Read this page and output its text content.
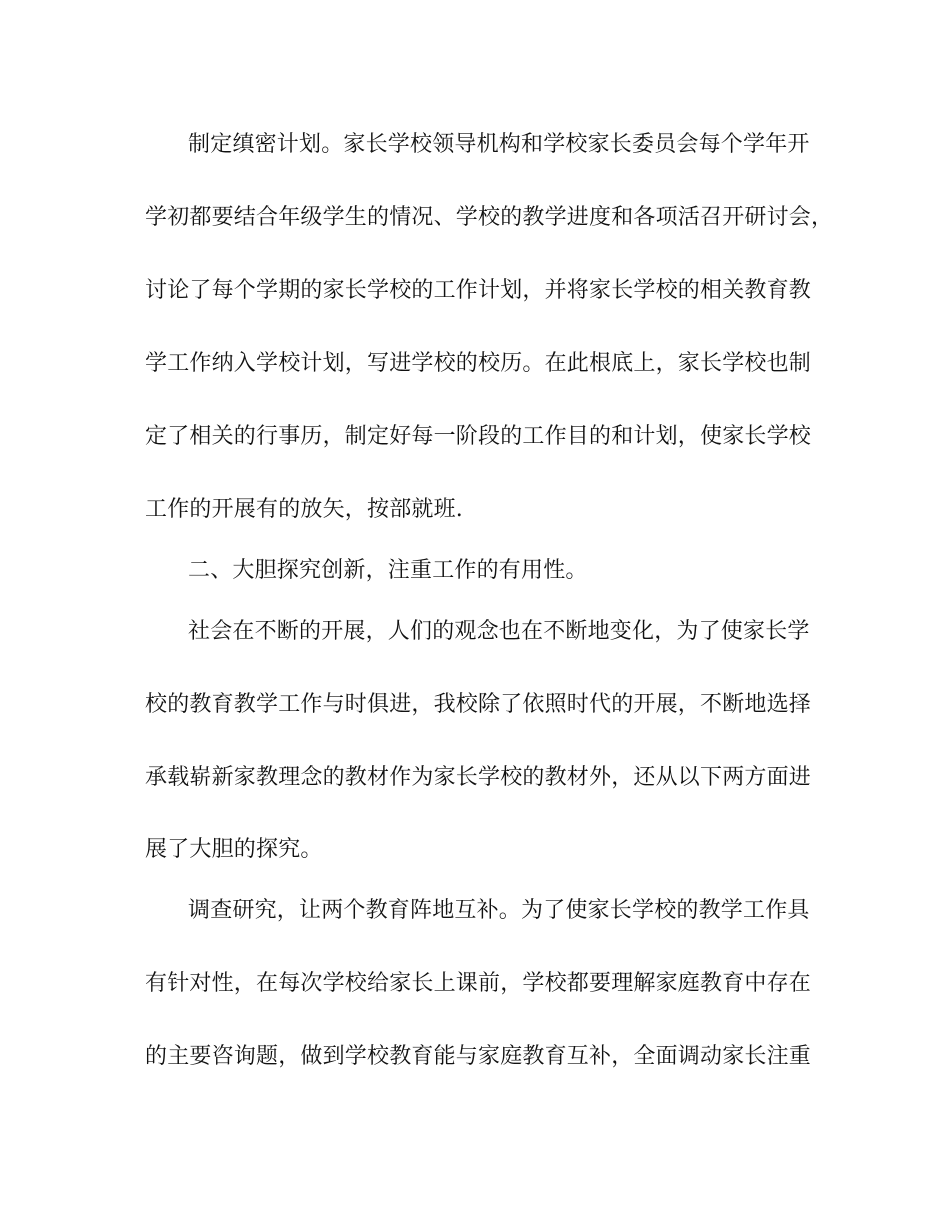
制定缜密计划。家长学校领导机构和学校家长委员会每个学年开
学初都要结合年级学生的情况、学校的教学进度和各项活召开研讨会，
讨论了每个学期的家长学校的工作计划，并将家长学校的相关教育教
学工作纳入学校计划，写进学校的校历。在此根底上，家长学校也制
定了相关的行事历，制定好每一阶段的工作目的和计划，使家长学校
工作的开展有的放矢，按部就班.
二、大胆探究创新，注重工作的有用性。
社会在不断的开展，人们的观念也在不断地变化，为了使家长学
校的教育教学工作与时俱进，我校除了依照时代的开展，不断地选择
承载崭新家教理念的教材作为家长学校的教材外，还从以下两方面进
展了大胆的探究。
调查研究，让两个教育阵地互补。为了使家长学校的教学工作具
有针对性，在每次学校给家长上课前，学校都要理解家庭教育中存在
的主要咨询题，做到学校教育能与家庭教育互补，全面调动家长注重
